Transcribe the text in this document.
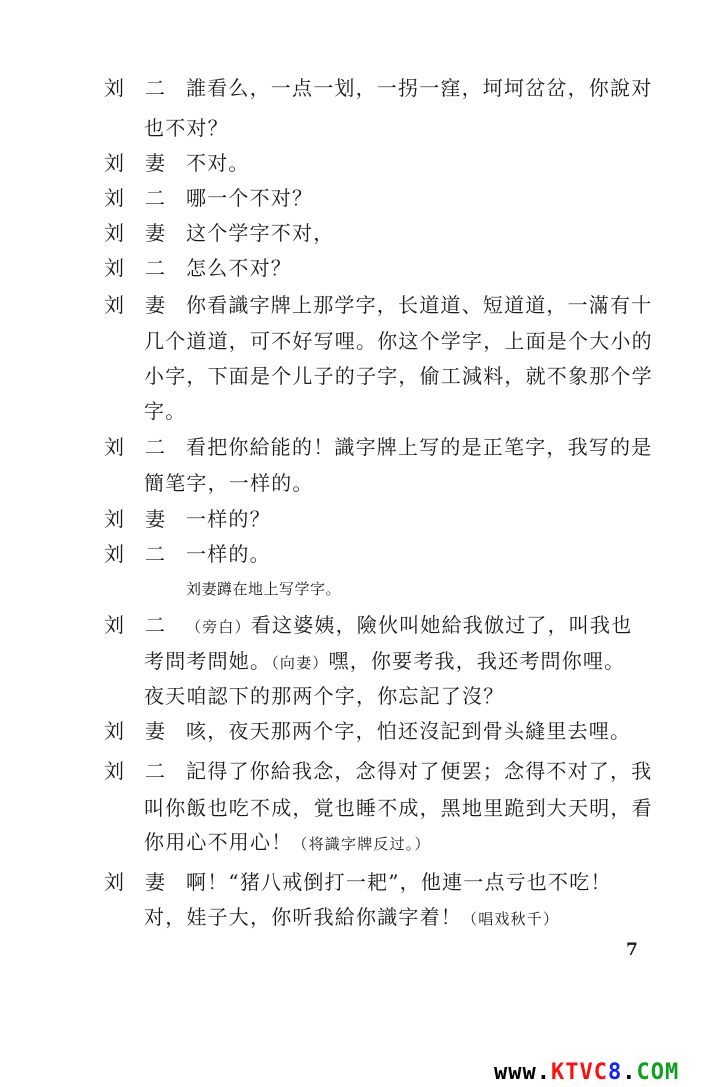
刘 二 誰看么，一点一划，一拐一窪，坷坷岔岔，你說对
也不对？
刘 妻 不对。
刘 二 哪一个不对？
刘 妻 这个学字不对，
刘 二 怎么不对？
刘 妻 你看識字牌上那学字，长道道、短道道，一滿有十
几个道道，可不好写哩。你这个学字，上面是个大小的
小字，下面是个儿子的子字，偷工減料，就不象那个学
字。
刘 二 看把你給能的！識字牌上写的是正笔字，我写的是
簡笔字，一样的。
刘 妻 一样的？
刘 二 一样的。
刘妻蹲在地上写学字。
刘 二 （旁白）看这婆姨，險伙叫她給我倣过了，叫我也
考問考問她。（向妻）嘿，你要考我，我还考問你哩。
夜天咱認下的那两个字，你忘記了沒？
刘 妻 咳，夜天那两个字，怕还沒記到骨头縫里去哩。
刘 二 記得了你給我念，念得对了便罢；念得不对了，我
叫你飯也吃不成，覚也睡不成，黑地里跪到大天明，看
你用心不用心！（将識字牌反过。）
刘 妻 啊！“猪八戒倒打一耙”，他連一点亏也不吃！
对，娃子大，你听我給你識字着！（唱戏秋千）
7
www.KTVC8.COM
